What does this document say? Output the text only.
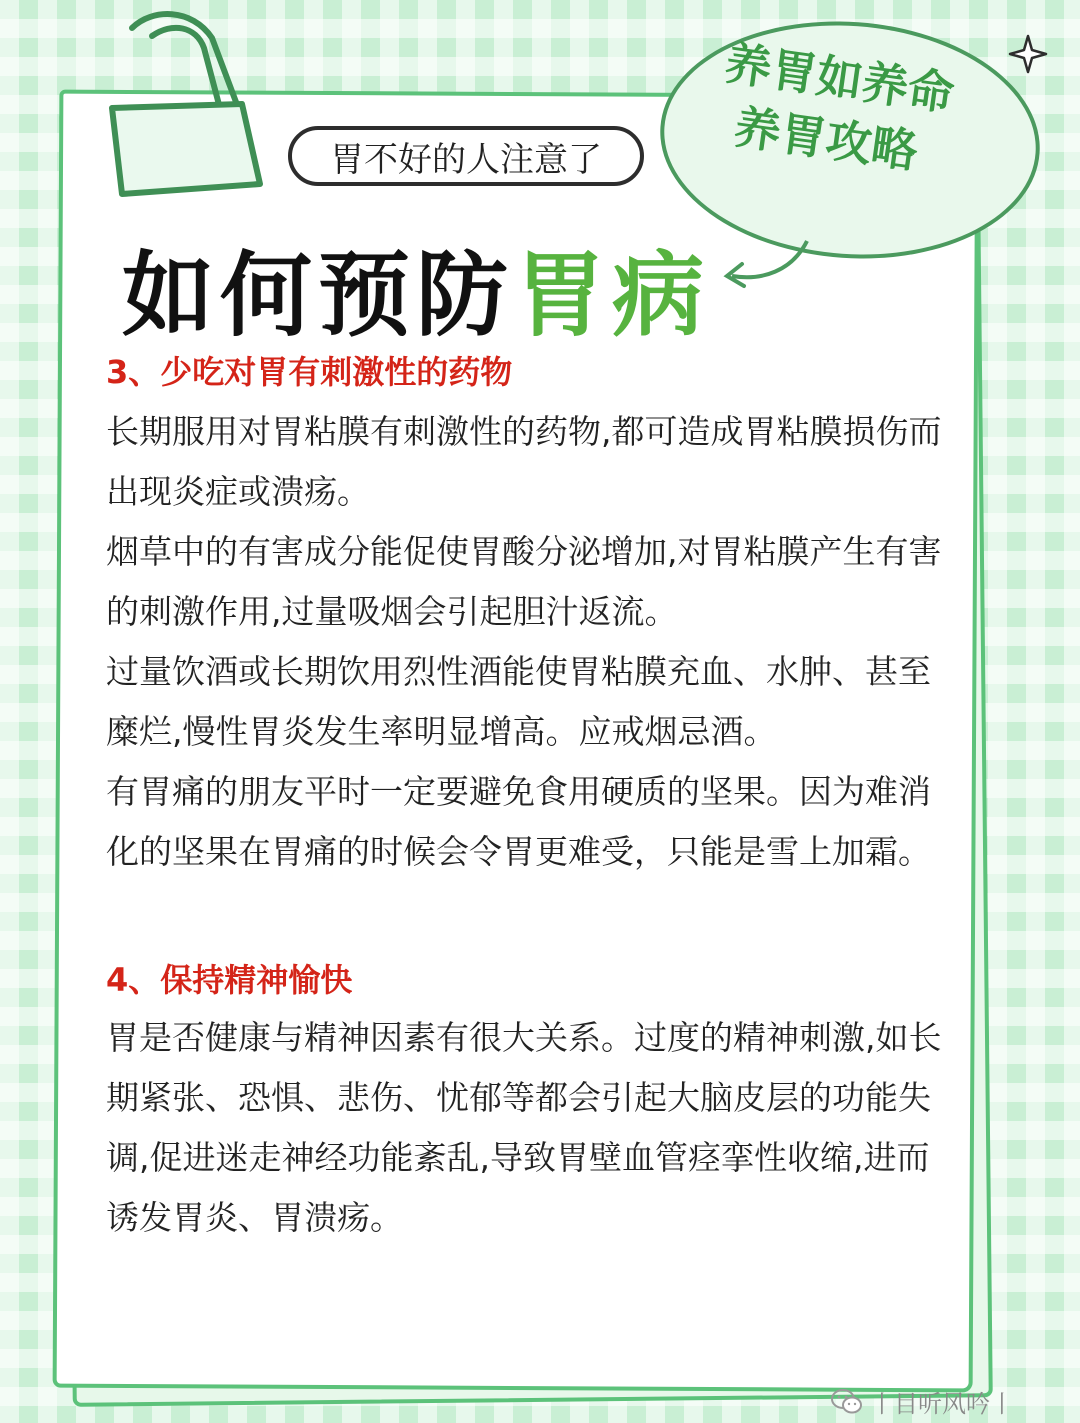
胃不好的人注意了
养胃如养命
养胃攻略
如何预防胃病

3、少吃对胃有刺激性的药物

长期服用对胃粘膜有刺激性的药物,都可造成胃粘膜损伤而出现炎症或溃疡。

烟草中的有害成分能促使胃酸分泌增加,对胃粘膜产生有害的刺激作用,过量吸烟会引起胆汁返流。

过量饮酒或长期饮用烈性酒能使胃粘膜充血、水肿、甚至糜烂,慢性胃炎发生率明显增高。应戒烟忌酒。

有胃痛的朋友平时一定要避免食用硬质的坚果。因为难消化的坚果在胃痛的时候会令胃更难受，只能是雪上加霜。

4、保持精神愉快

胃是否健康与精神因素有很大关系。过度的精神刺激,如长期紧张、恐惧、悲伤、忧郁等都会引起大脑皮层的功能失调,促进迷走神经功能紊乱,导致胃壁血管痉挛性收缩,进而诱发胃炎、胃溃疡。

丨目听风吟丨
